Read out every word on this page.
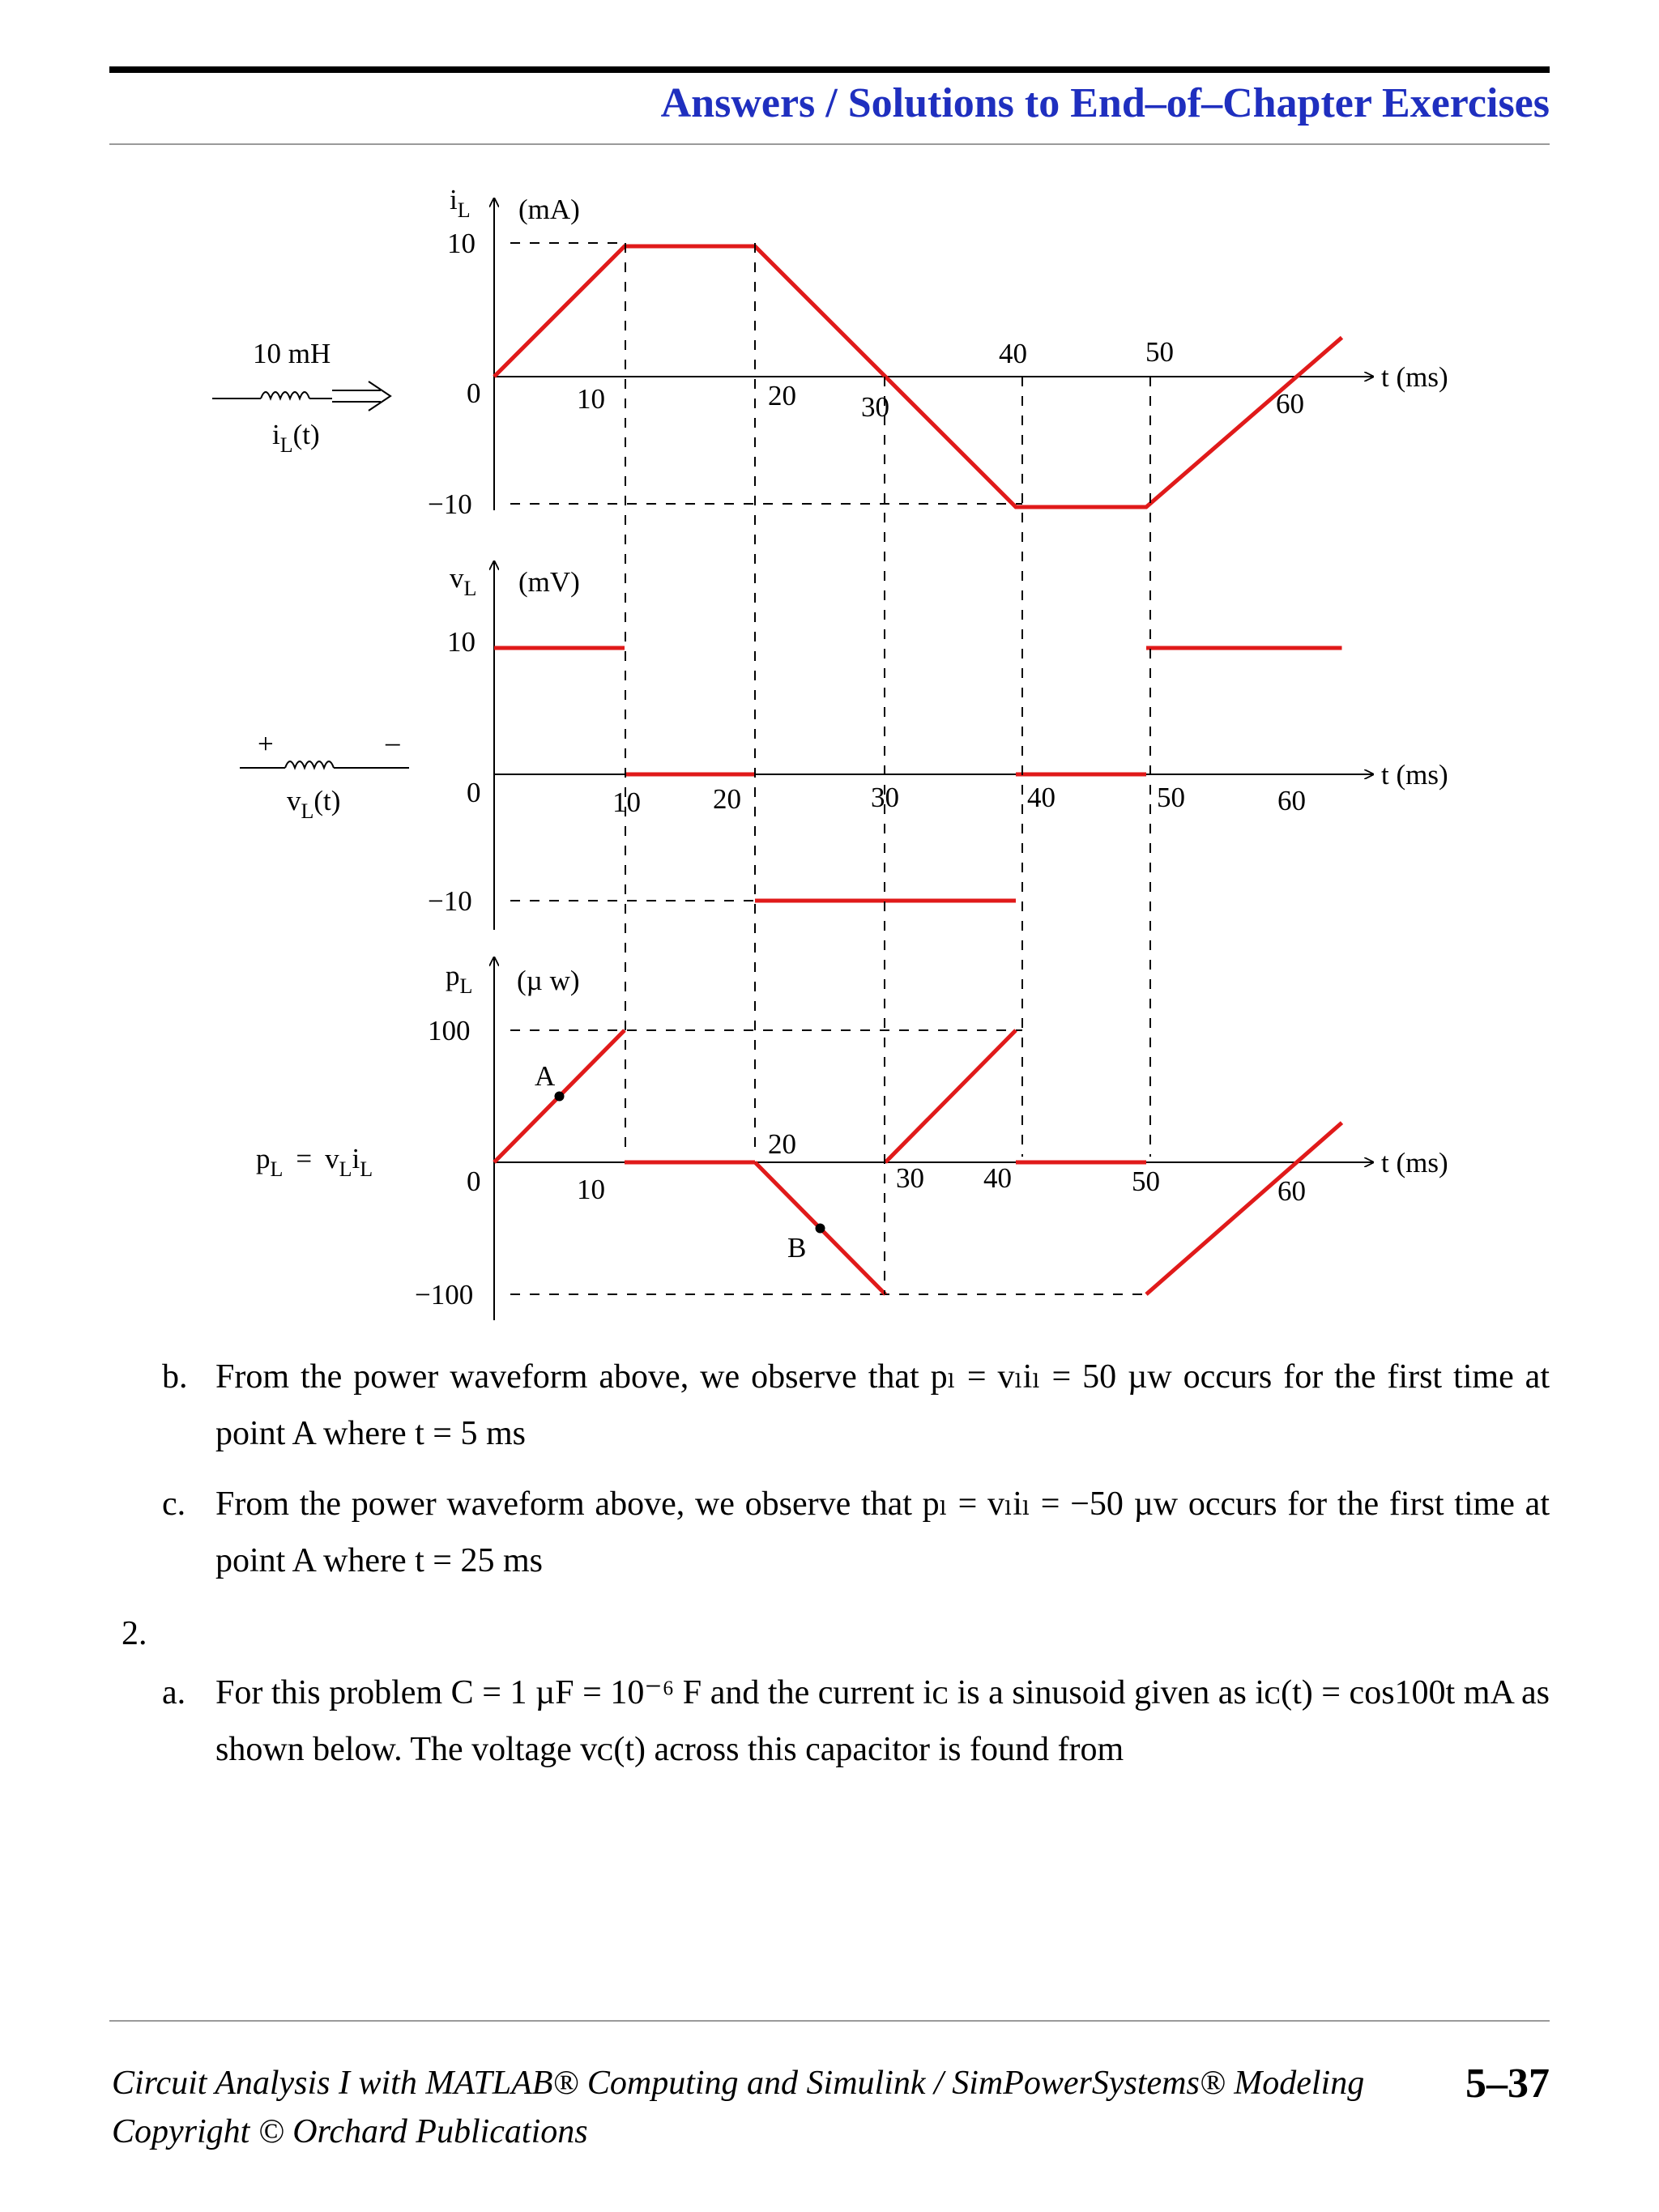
Answers / Solutions to End–of–Chapter Exercises
$i_L$ (mA)
t (ms)
10
0
−10
10	20 30
40	50
60
10 mH
$i_L(t)$
$v_L$ (mV)
t (ms)
10
0
−10
10	20	30	40	50	60
+	–
$v_L(t)$
$p_L$ (µ w)
t (ms)
100
0
−100
10
20
30 40	50	60
A
B
$p_L = v_Li_L$
b. From the power waveform above, we observe that pₗ = vₗiₗ = 50 µw occurs for the first time at point A where t = 5 ms
c. From the power waveform above, we observe that pₗ = vₗiₗ = −50 µw occurs for the first time at point A where t = 25 ms
2.
a. For this problem C = 1 µF = 10⁻⁶ F and the current iᴄ is a sinusoid given as iᴄ(t) = cos100t mA as shown below. The voltage vᴄ(t) across this capacitor is found from
Circuit Analysis I with MATLAB® Computing and Simulink / SimPowerSystems® Modeling
Copyright © Orchard Publications
5–37
